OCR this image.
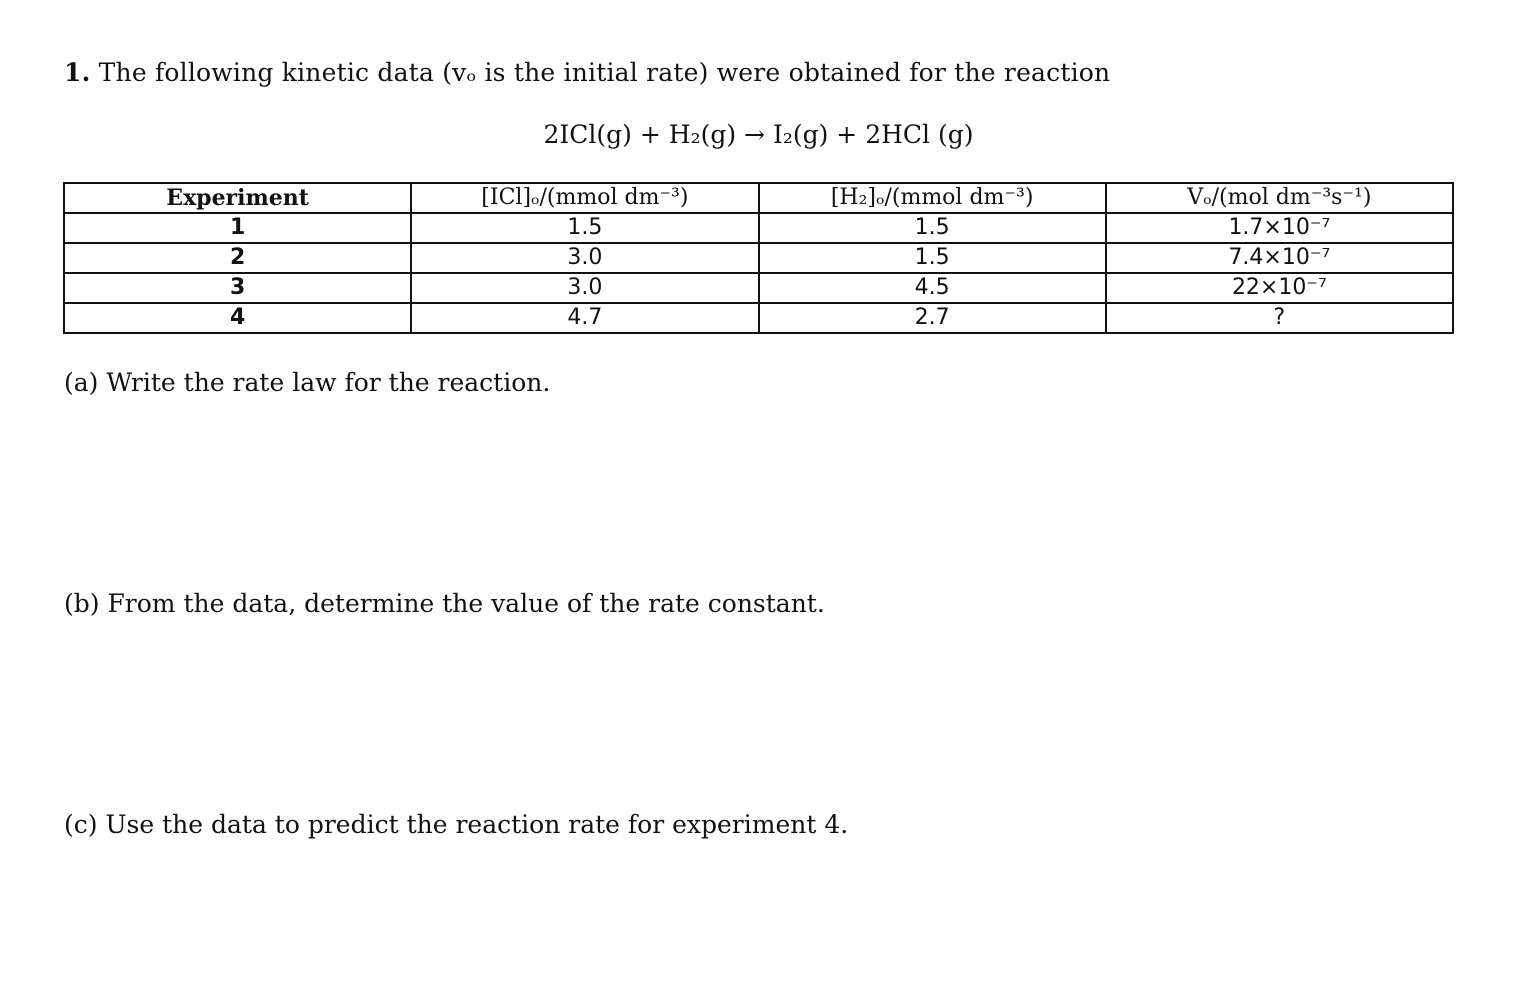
1. The following kinetic data (vₒ is the initial rate) were obtained for the reaction
2ICl(g) + H₂(g) → I₂(g) + 2HCl (g)
Experiment	[ICl]ₒ/(mmol dm⁻³)	[H₂]ₒ/(mmol dm⁻³)	Vₒ/(mol dm⁻³s⁻¹)
1	1.5	1.5	1.7×10⁻⁷
2	3.0	1.5	7.4×10⁻⁷
3	3.0	4.5	22×10⁻⁷
4	4.7	2.7	?
(a) Write the rate law for the reaction.
(b) From the data, determine the value of the rate constant.
(c) Use the data to predict the reaction rate for experiment 4.
